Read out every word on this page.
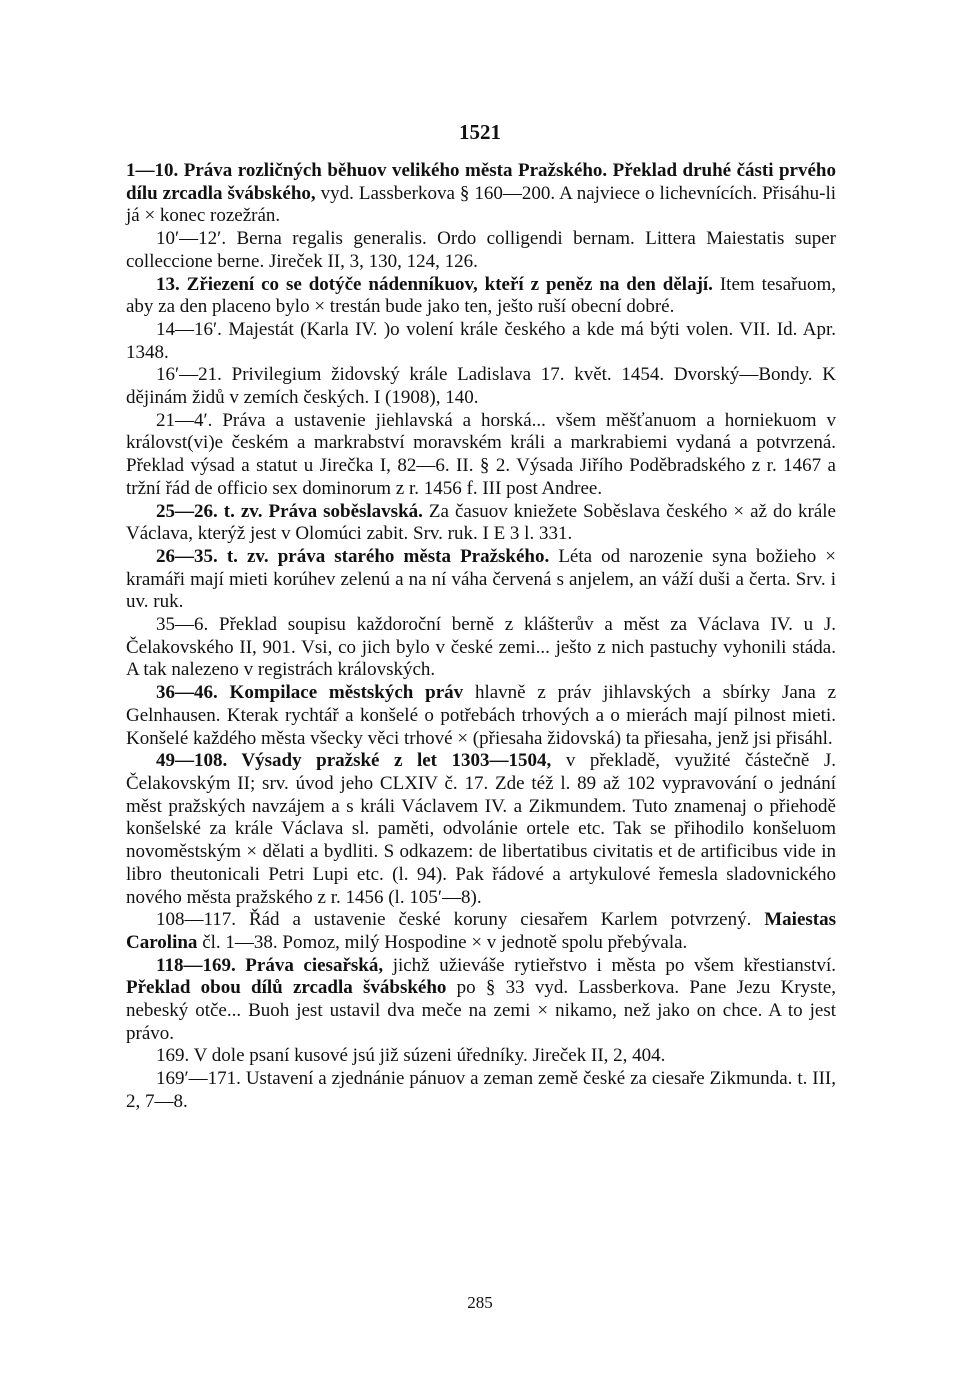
1521

1—10. Práva rozličných běhuov velikého města Pražského. Překlad druhé části prvého dílu zrcadla švábského, vyd. Lassberkova § 160—200. A najviece o lichevnících. Přisáhu-li já × konec rozežrán.

10′—12′. Berna regalis generalis. Ordo colligendi bernam. Littera Maiestatis super colleccione berne. Jireček II, 3, 130, 124, 126.

13. Zřiezení co se dotýče nádenníkuov, kteří z peněz na den dělají. Item tesařuom, aby za den placeno bylo × trestán bude jako ten, ješto ruší obecní dobré.

14—16′. Majestát (Karla IV. )o volení krále českého a kde má býti volen. VII. Id. Apr. 1348.

16′—21. Privilegium židovský krále Ladislava 17. květ. 1454. Dvorský—Bondy. K dějinám židů v zemích českých. I (1908), 140.

21—4′. Práva a ustavenie jiehlavská a horská... všem měšťanuom a horniekuom v královst(vi)e českém a markrabství moravském králi a markrabiemi vydaná a potvrzená. Překlad výsad a statut u Jirečka I, 82—6. II. § 2. Výsada Jiřího Poděbradského z r. 1467 a tržní řád de officio sex dominorum z r. 1456 f. III post Andree.

25—26. t. zv. Práva soběslavská. Za časuov kniežete Soběslava českého × až do krále Václava, kterýž jest v Olomúci zabit. Srv. ruk. I E 3 l. 331.

26—35. t. zv. práva starého města Pražského. Léta od narozenie syna božieho × kramáři mají mieti korúhev zelenú a na ní váha červená s anjelem, an váží duši a čerta. Srv. i uv. ruk.

35—6. Překlad soupisu každoroční berně z klášterův a měst za Václava IV. u J. Čelakovského II, 901. Vsi, co jich bylo v české zemi... ješto z nich pastuchy vyhonili stáda. A tak nalezeno v registrách královských.

36—46. Kompilace městských práv hlavně z práv jihlavských a sbírky Jana z Gelnhausen. Kterak rychtář a konšelé o potřebách trhových a o mierách mají pilnost mieti. Konšelé každého města všecky věci trhové × (přiesaha židovská) ta přiesaha, jenž jsi přisáhl.

49—108. Výsady pražské z let 1303—1504, v překladě, využité částečně J. Čelakovským II; srv. úvod jeho CLXIV č. 17. Zde též l. 89 až 102 vypravování o jednání měst pražských navzájem a s králi Václavem IV. a Zikmundem. Tuto znamenaj o přiehodě konšelské za krále Václava sl. paměti, odvolánie ortele etc. Tak se přihodilo konšeluom novoměstským × dělati a bydliti. S odkazem: de libertatibus civitatis et de artificibus vide in libro theutonicali Petri Lupi etc. (l. 94). Pak řádové a artykulové řemesla sladovnického nového města pražského z r. 1456 (l. 105′—8).

108—117. Řád a ustavenie české koruny ciesařem Karlem potvrzený. Maiestas Carolina čl. 1—38. Pomoz, milý Hospodine × v jednotě spolu přebývala.

118—169. Práva ciesařská, jichž užieváše rytieřstvo i města po všem křestianství. Překlad obou dílů zrcadla švábského po § 33 vyd. Lassberkova. Pane Jezu Kryste, nebeský otče... Buoh jest ustavil dva meče na zemi × nikamo, než jako on chce. A to jest právo.

169. V dole psaní kusové jsú již súzeni úředníky. Jireček II, 2, 404.

169′—171. Ustavení a zjednánie pánuov a zeman země české za ciesaře Zikmunda. t. III, 2, 7—8.

285
